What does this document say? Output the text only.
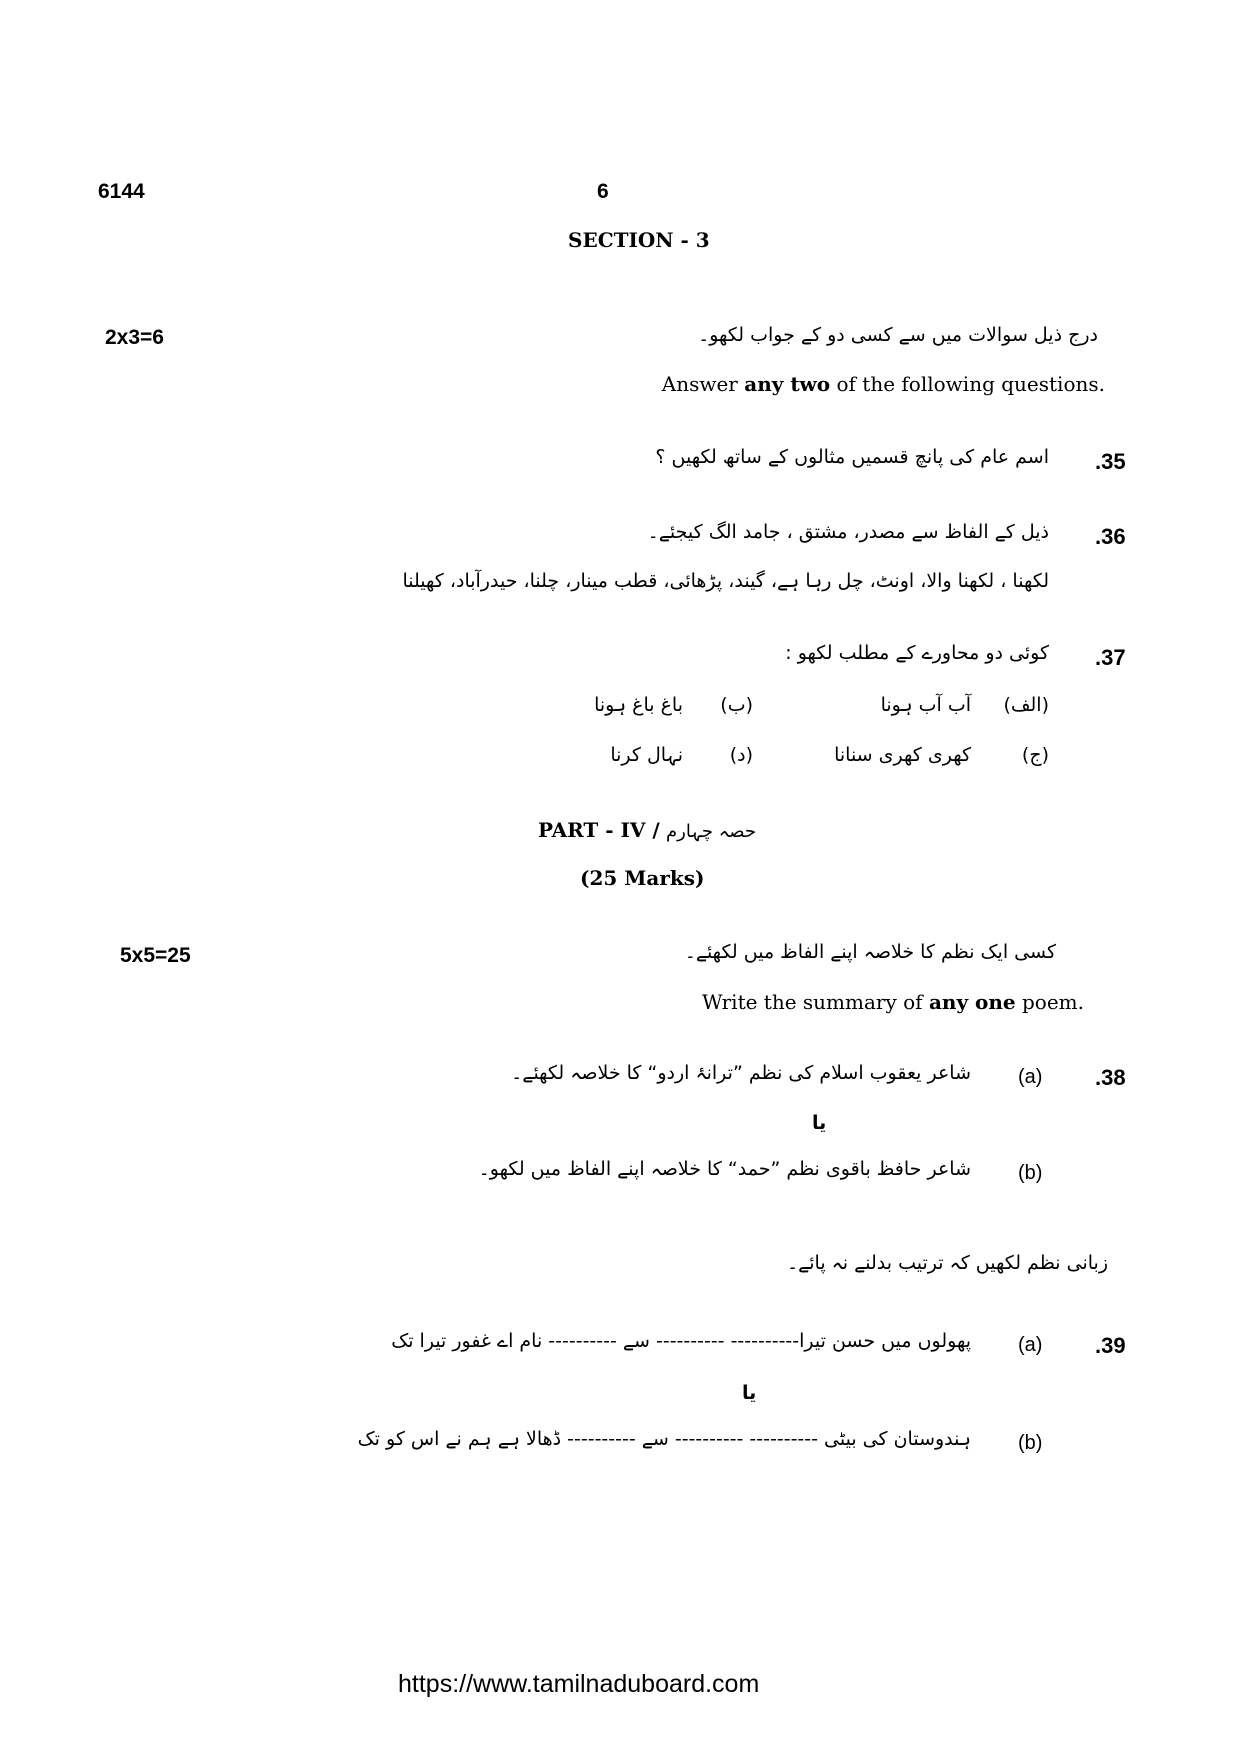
6144	6
SECTION - 3
2x3=6	درج ذیل سوالات میں سے کسی دو کے جواب لکھو۔
Answer any two of the following questions.
.35
اسم عام کی پانچ قسمیں مثالوں کے ساتھ لکھیں ؟
.36
ذیل کے الفاظ سے مصدر، مشتق ، جامد الگ کیجئے۔
لکھنا ، لکھنا والا، اونٹ، چل رہا ہے، گیند، پڑھائی، قطب مینار، چلنا، حیدرآباد، کھیلنا
.37
کوئی دو محاورے کے مطلب لکھو :
(الف)
آب آب ہونا
(ب)
باغ باغ ہونا
(ج)
کھری کھری سنانا
(د)
نہال کرنا
PART - IV / حصہ چہارم
(25 Marks)
5x5=25	کسی ایک نظم کا خلاصہ اپنے الفاظ میں لکھئے۔
Write the summary of any one poem.
.38
(a)
شاعر یعقوب اسلام کی نظم ”ترانۂ اردو“ کا خلاصہ لکھئے۔
یا
(b)
شاعر حافظ باقوی نظم ”حمد“ کا خلاصہ اپنے الفاظ میں لکھو۔
زبانی نظم لکھیں کہ ترتیب بدلنے نہ پائے۔
.39
(a)
پھولوں میں حسن تیرا---------- ---------- سے ---------- نام اے غفور تیرا تک
یا
(b)
ہندوستان کی بیٹی ---------- ---------- سے ---------- ڈھالا ہے ہم نے اس کو تک
https://www.tamilnaduboard.com
